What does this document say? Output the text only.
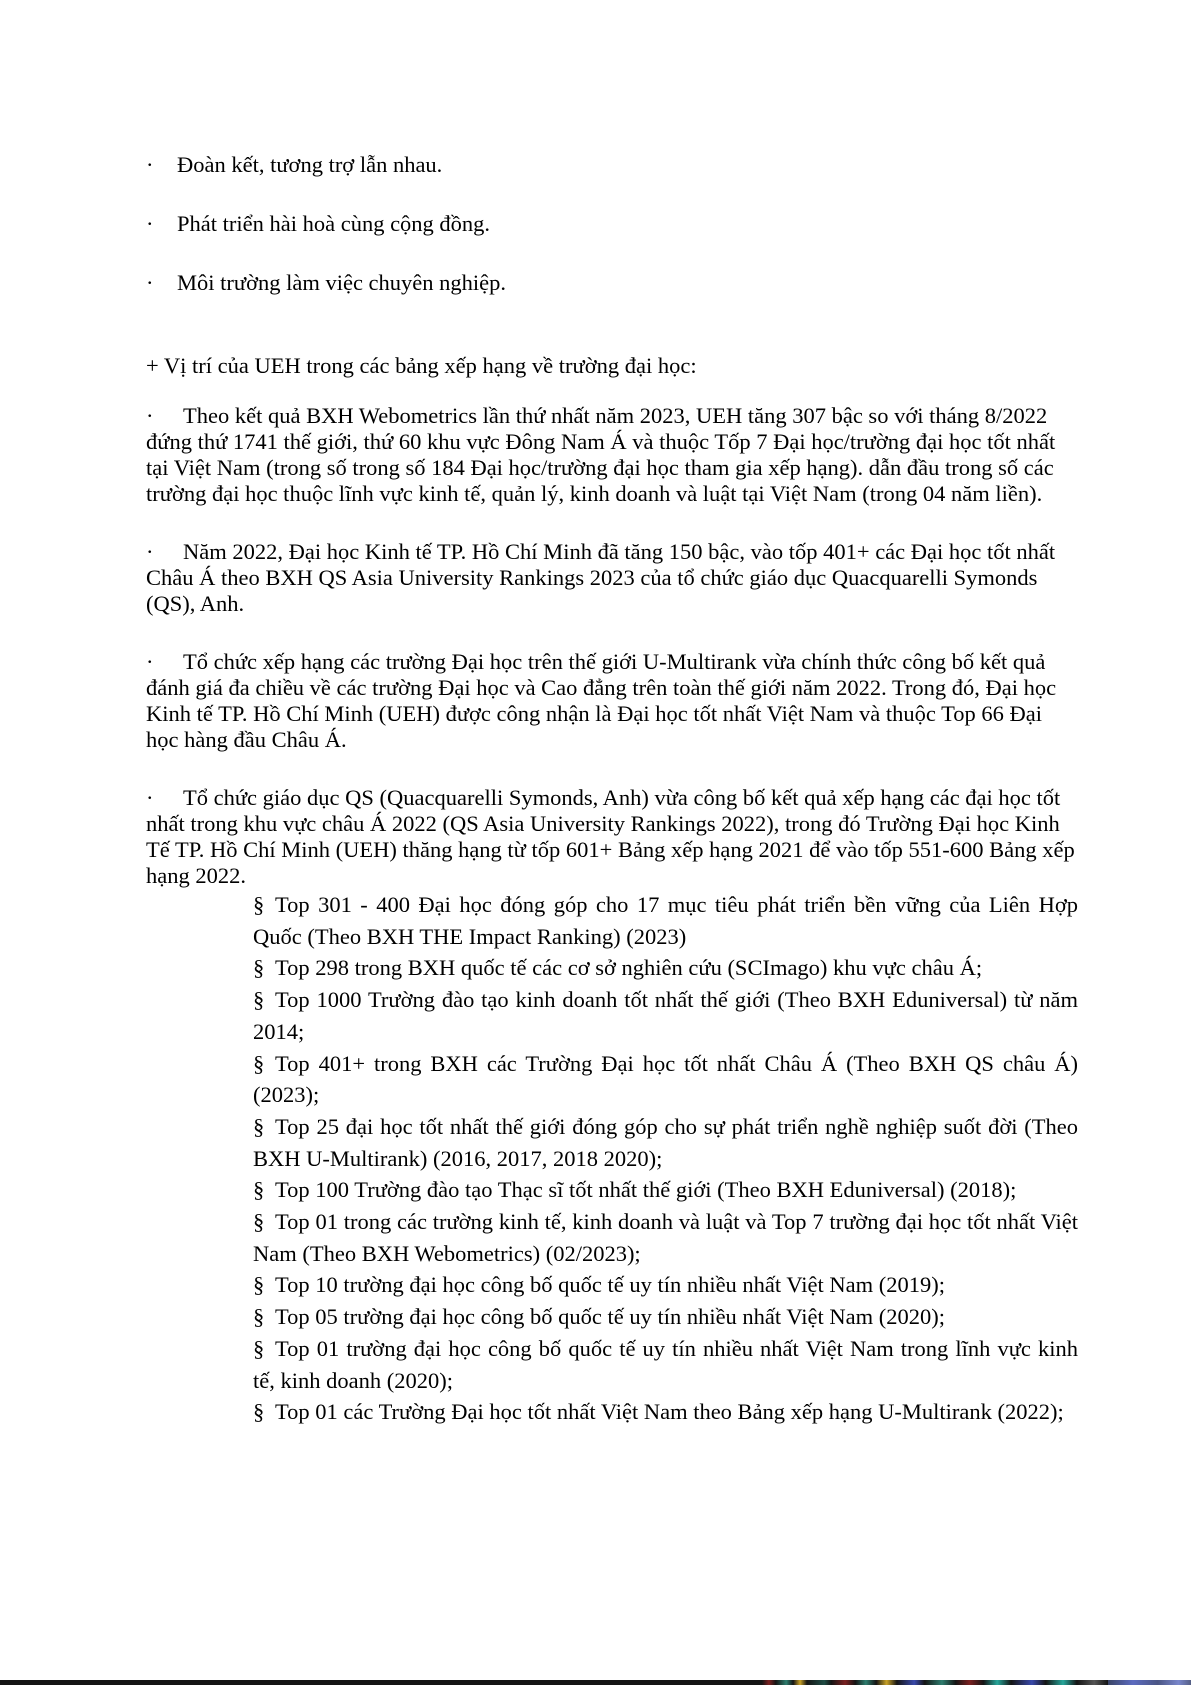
· Đoàn kết, tương trợ lẫn nhau.
· Phát triển hài hoà cùng cộng đồng.
· Môi trường làm việc chuyên nghiệp.

+ Vị trí của UEH trong các bảng xếp hạng về trường đại học:

· Theo kết quả BXH Webometrics lần thứ nhất năm 2023, UEH tăng 307 bậc so với tháng 8/2022 đứng thứ 1741 thế giới, thứ 60 khu vực Đông Nam Á và thuộc Tốp 7 Đại học/trường đại học tốt nhất tại Việt Nam (trong số trong số 184 Đại học/trường đại học tham gia xếp hạng). dẫn đầu trong số các trường đại học thuộc lĩnh vực kinh tế, quản lý, kinh doanh và luật tại Việt Nam (trong 04 năm liền).
· Năm 2022, Đại học Kinh tế TP. Hồ Chí Minh đã tăng 150 bậc, vào tốp 401+ các Đại học tốt nhất Châu Á theo BXH QS Asia University Rankings 2023 của tổ chức giáo dục Quacquarelli Symonds (QS), Anh.
· Tổ chức xếp hạng các trường Đại học trên thế giới U-Multirank vừa chính thức công bố kết quả đánh giá đa chiều về các trường Đại học và Cao đẳng trên toàn thế giới năm 2022. Trong đó, Đại học Kinh tế TP. Hồ Chí Minh (UEH) được công nhận là Đại học tốt nhất Việt Nam và thuộc Top 66 Đại học hàng đầu Châu Á.
· Tổ chức giáo dục QS (Quacquarelli Symonds, Anh) vừa công bố kết quả xếp hạng các đại học tốt nhất trong khu vực châu Á 2022 (QS Asia University Rankings 2022), trong đó Trường Đại học Kinh Tế TP. Hồ Chí Minh (UEH) thăng hạng từ tốp 601+ Bảng xếp hạng 2021 để vào tốp 551-600 Bảng xếp hạng 2022.
§ Top 301 - 400 Đại học đóng góp cho 17 mục tiêu phát triển bền vững của Liên Hợp Quốc (Theo BXH THE Impact Ranking) (2023)
§ Top 298 trong BXH quốc tế các cơ sở nghiên cứu (SCImago) khu vực châu Á;
§ Top 1000 Trường đào tạo kinh doanh tốt nhất thế giới (Theo BXH Eduniversal) từ năm 2014;
§ Top 401+ trong BXH các Trường Đại học tốt nhất Châu Á (Theo BXH QS châu Á) (2023);
§ Top 25 đại học tốt nhất thế giới đóng góp cho sự phát triển nghề nghiệp suốt đời (Theo BXH U-Multirank) (2016, 2017, 2018 2020);
§ Top 100 Trường đào tạo Thạc sĩ tốt nhất thế giới (Theo BXH Eduniversal) (2018);
§ Top 01 trong các trường kinh tế, kinh doanh và luật và Top 7 trường đại học tốt nhất Việt Nam (Theo BXH Webometrics) (02/2023);
§ Top 10 trường đại học công bố quốc tế uy tín nhiều nhất Việt Nam (2019);
§ Top 05 trường đại học công bố quốc tế uy tín nhiều nhất Việt Nam (2020);
§ Top 01 trường đại học công bố quốc tế uy tín nhiều nhất Việt Nam trong lĩnh vực kinh tế, kinh doanh (2020);
§ Top 01 các Trường Đại học tốt nhất Việt Nam theo Bảng xếp hạng U-Multirank (2022);
